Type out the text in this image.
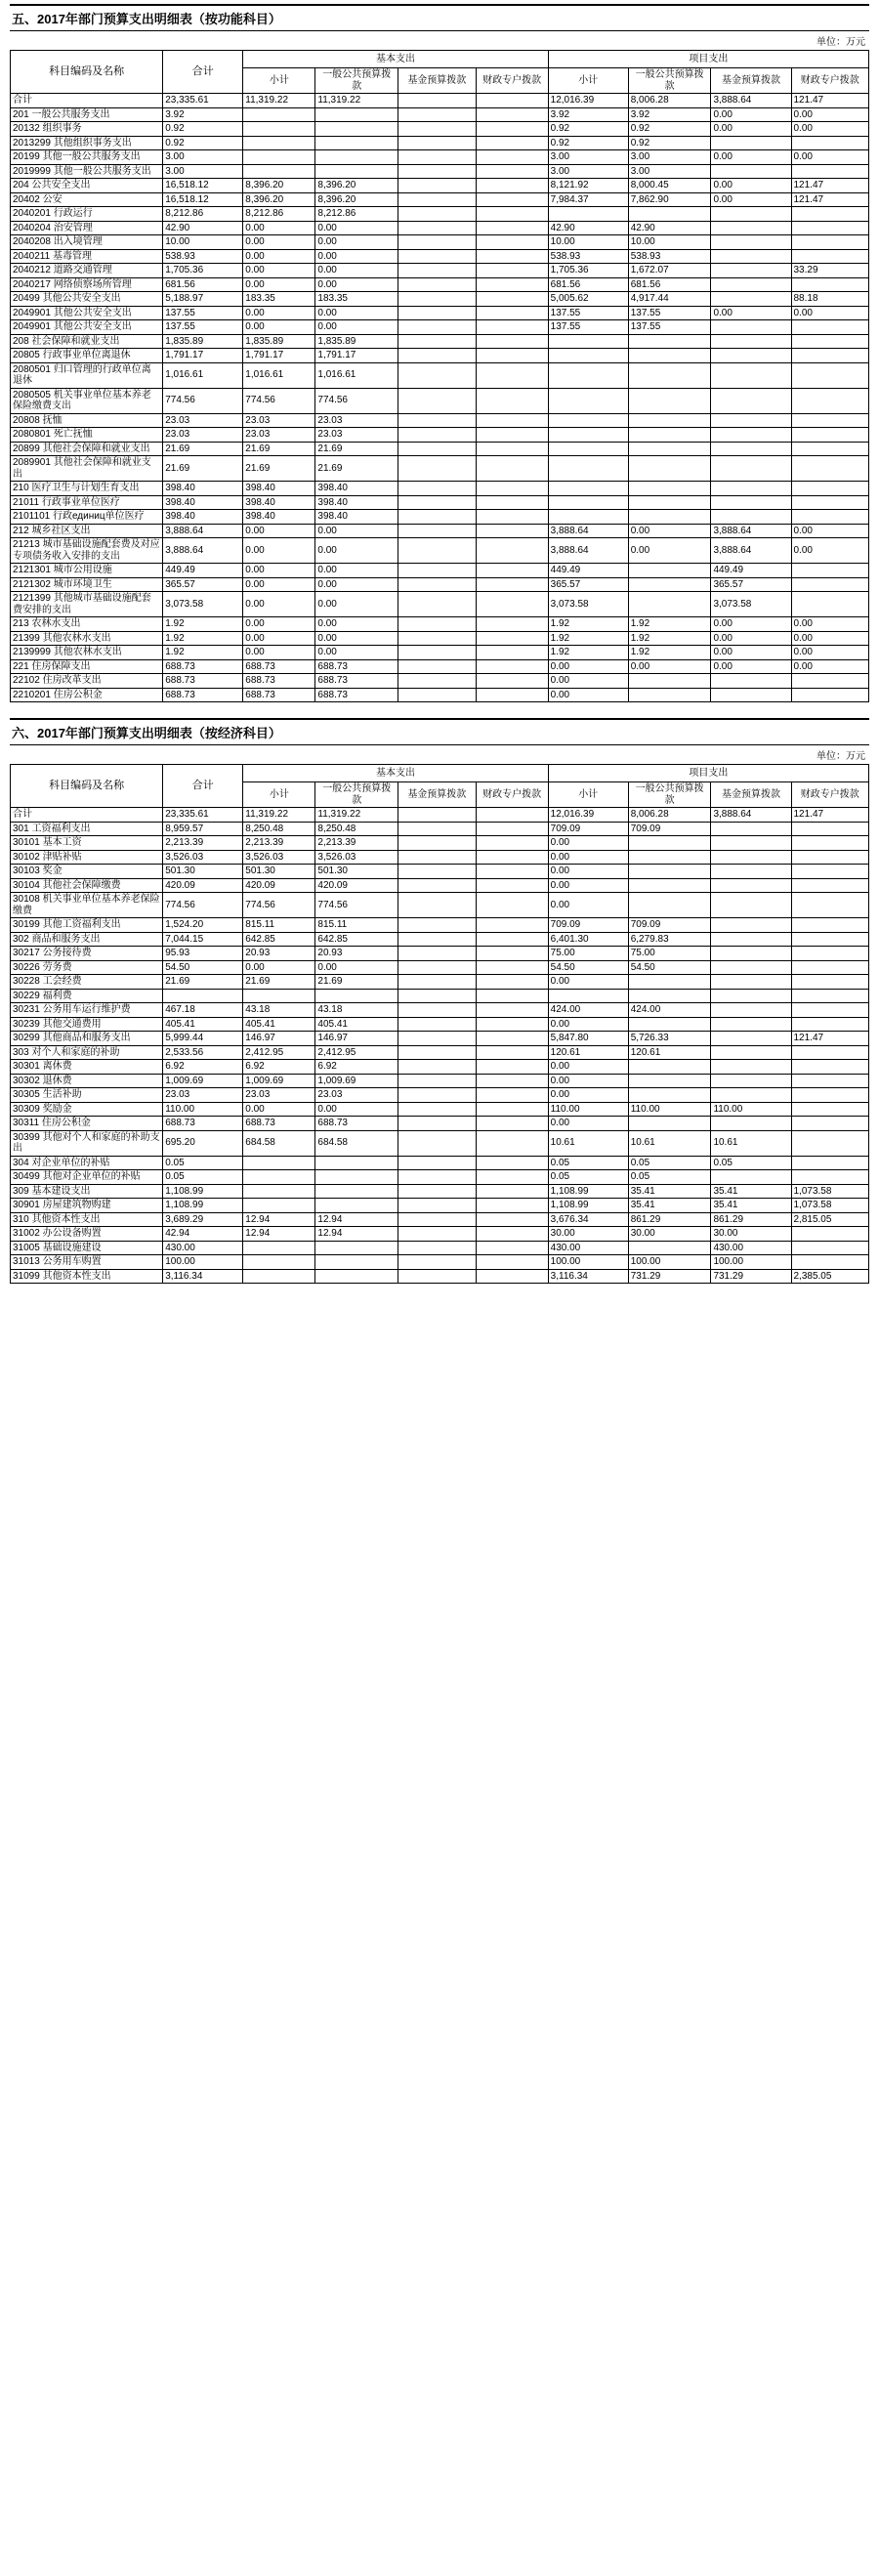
五、2017年部门预算支出明细表（按功能科目）
单位：万元
科目编码及名称	合计	基本支出				项目支出			
		小计	一般公共预算拨款	基金预算拨款	财政专户拨款	小计	一般公共预算拨款	基金预算拨款	财政专户拨款
合计	23,335.61	11,319.22	11,319.22			12,016.39	8,006.28	3,888.64	121.47
201 一般公共服务支出	3.92					3.92	3.92	0.00	0.00
20132 组织事务	0.92					0.92	0.92	0.00	0.00
2013299 其他组织事务支出	0.92					0.92	0.92		
20199 其他一般公共服务支出	3.00					3.00	3.00	0.00	0.00
2019999 其他一般公共服务支出	3.00					3.00	3.00		
204 公共安全支出	16,518.12	8,396.20	8,396.20			8,121.92	8,000.45	0.00	121.47
20402 公安	16,518.12	8,396.20	8,396.20			7,984.37	7,862.90	0.00	121.47
2040201 行政运行	8,212.86	8,212.86	8,212.86						
2040204 治安管理	42.90	0.00	0.00			42.90	42.90		
2040208 出入境管理	10.00	0.00	0.00			10.00	10.00		
2040211 基毒管理	538.93	0.00	0.00			538.93	538.93		
2040212 道路交通管理	1,705.36	0.00	0.00			1,705.36	1,672.07		33.29
2040217 网络侦察场所管理	681.56	0.00	0.00			681.56	681.56		
20499 其他公共安全支出	5,188.97	183.35	183.35			5,005.62	4,917.44		88.18
2049901 其他公共安全支出	137.55	0.00	0.00			137.55	137.55	0.00	0.00
2049901 其他公共安全支出	137.55	0.00	0.00			137.55	137.55		
208 社会保障和就业支出	1,835.89	1,835.89	1,835.89						
20805 行政事业单位离退休	1,791.17	1,791.17	1,791.17						
2080501 归口管理的行政单位离退休	1,016.61	1,016.61	1,016.61						
2080505 机关事业单位基本养老保险缴费支出	774.56	774.56	774.56						
20808 抚恤	23.03	23.03	23.03						
2080801 死亡抚恤	23.03	23.03	23.03						
20899 其他社会保障和就业支出	21.69	21.69	21.69						
2089901 其他社会保障和就业支出	21.69	21.69	21.69						
210 医疗卫生与计划生育支出	398.40	398.40	398.40						
21011 行政事业单位医疗	398.40	398.40	398.40						
2101101 行政единиц单位医疗	398.40	398.40	398.40						
212 城乡社区支出	3,888.64	0.00	0.00			3,888.64	0.00	3,888.64	0.00
21213 城市基础设施配套费及对应专项债务收入安排的支出	3,888.64	0.00	0.00			3,888.64	0.00	3,888.64	0.00
2121301 城市公用设施	449.49	0.00	0.00			449.49		449.49	
2121302 城市环境卫生	365.57	0.00	0.00			365.57		365.57	
2121399 其他城市基础设施配套费安排的支出	3,073.58	0.00	0.00			3,073.58		3,073.58	
213 农林水支出	1.92	0.00	0.00			1.92	1.92	0.00	0.00
21399 其他农林水支出	1.92	0.00	0.00			1.92	1.92	0.00	0.00
2139999 其他农林水支出	1.92	0.00	0.00			1.92	1.92	0.00	0.00
221 住房保障支出	688.73	688.73	688.73			0.00	0.00	0.00	0.00
22102 住房改革支出	688.73	688.73	688.73			0.00			
2210201 住房公积金	688.73	688.73	688.73			0.00			
六、2017年部门预算支出明细表（按经济科目）
单位：万元
科目编码及名称	合计	基本支出				项目支出			
		小计	一般公共预算拨款	基金预算拨款	财政专户拨款	小计	一般公共预算拨款	基金预算拨款	财政专户拨款
合计	23,335.61	11,319.22	11,319.22			12,016.39	8,006.28	3,888.64	121.47
301 工资福利支出	8,959.57	8,250.48	8,250.48			709.09	709.09		
30101 基本工资	2,213.39	2,213.39	2,213.39			0.00			
30102 津贴补贴	3,526.03	3,526.03	3,526.03			0.00			
30103 奖金	501.30	501.30	501.30			0.00			
30104 其他社会保障缴费	420.09	420.09	420.09			0.00			
30108 机关事业单位基本养老保险缴费	774.56	774.56	774.56			0.00			
30199 其他工资福利支出	1,524.20	815.11	815.11			709.09	709.09		
302 商品和服务支出	7,044.15	642.85	642.85			6,401.30	6,279.83		
30217 公务接待费	95.93	20.93	20.93			75.00	75.00		
30226 劳务费	54.50	0.00	0.00			54.50	54.50		
30228 工会经费	21.69	21.69	21.69			0.00			
30229 福利费									
30231 公务用车运行维护费	467.18	43.18	43.18			424.00	424.00		
30239 其他交通费用	405.41	405.41	405.41			0.00			
30299 其他商品和服务支出	5,999.44	146.97	146.97			5,847.80	5,726.33		121.47
303 对个人和家庭的补助	2,533.56	2,412.95	2,412.95			120.61	120.61		
30301 离休费	6.92	6.92	6.92			0.00			
30302 退休费	1,009.69	1,009.69	1,009.69			0.00			
30305 生活补助	23.03	23.03	23.03			0.00			
30309 奖励金	110.00	0.00	0.00			110.00	110.00	110.00	
30311 住房公积金	688.73	688.73	688.73			0.00			
30399 其他对个人和家庭的补助支出	695.20	684.58	684.58			10.61	10.61	10.61	
304 对企业单位的补贴	0.05					0.05	0.05	0.05	
30499 其他对企业单位的补贴	0.05					0.05	0.05		
309 基本建设支出	1,108.99					1,108.99	35.41	35.41	1,073.58
30901 房屋建筑物购建	1,108.99					1,108.99	35.41	35.41	1,073.58
310 其他资本性支出	3,689.29	12.94	12.94			3,676.34	861.29	861.29	2,815.05
31002 办公设备购置	42.94	12.94	12.94			30.00	30.00	30.00	
31005 基础设施建设	430.00					430.00		430.00	
31013 公务用车购置	100.00					100.00	100.00	100.00	
31099 其他资本性支出	3,116.34					3,116.34	731.29	731.29	2,385.05
